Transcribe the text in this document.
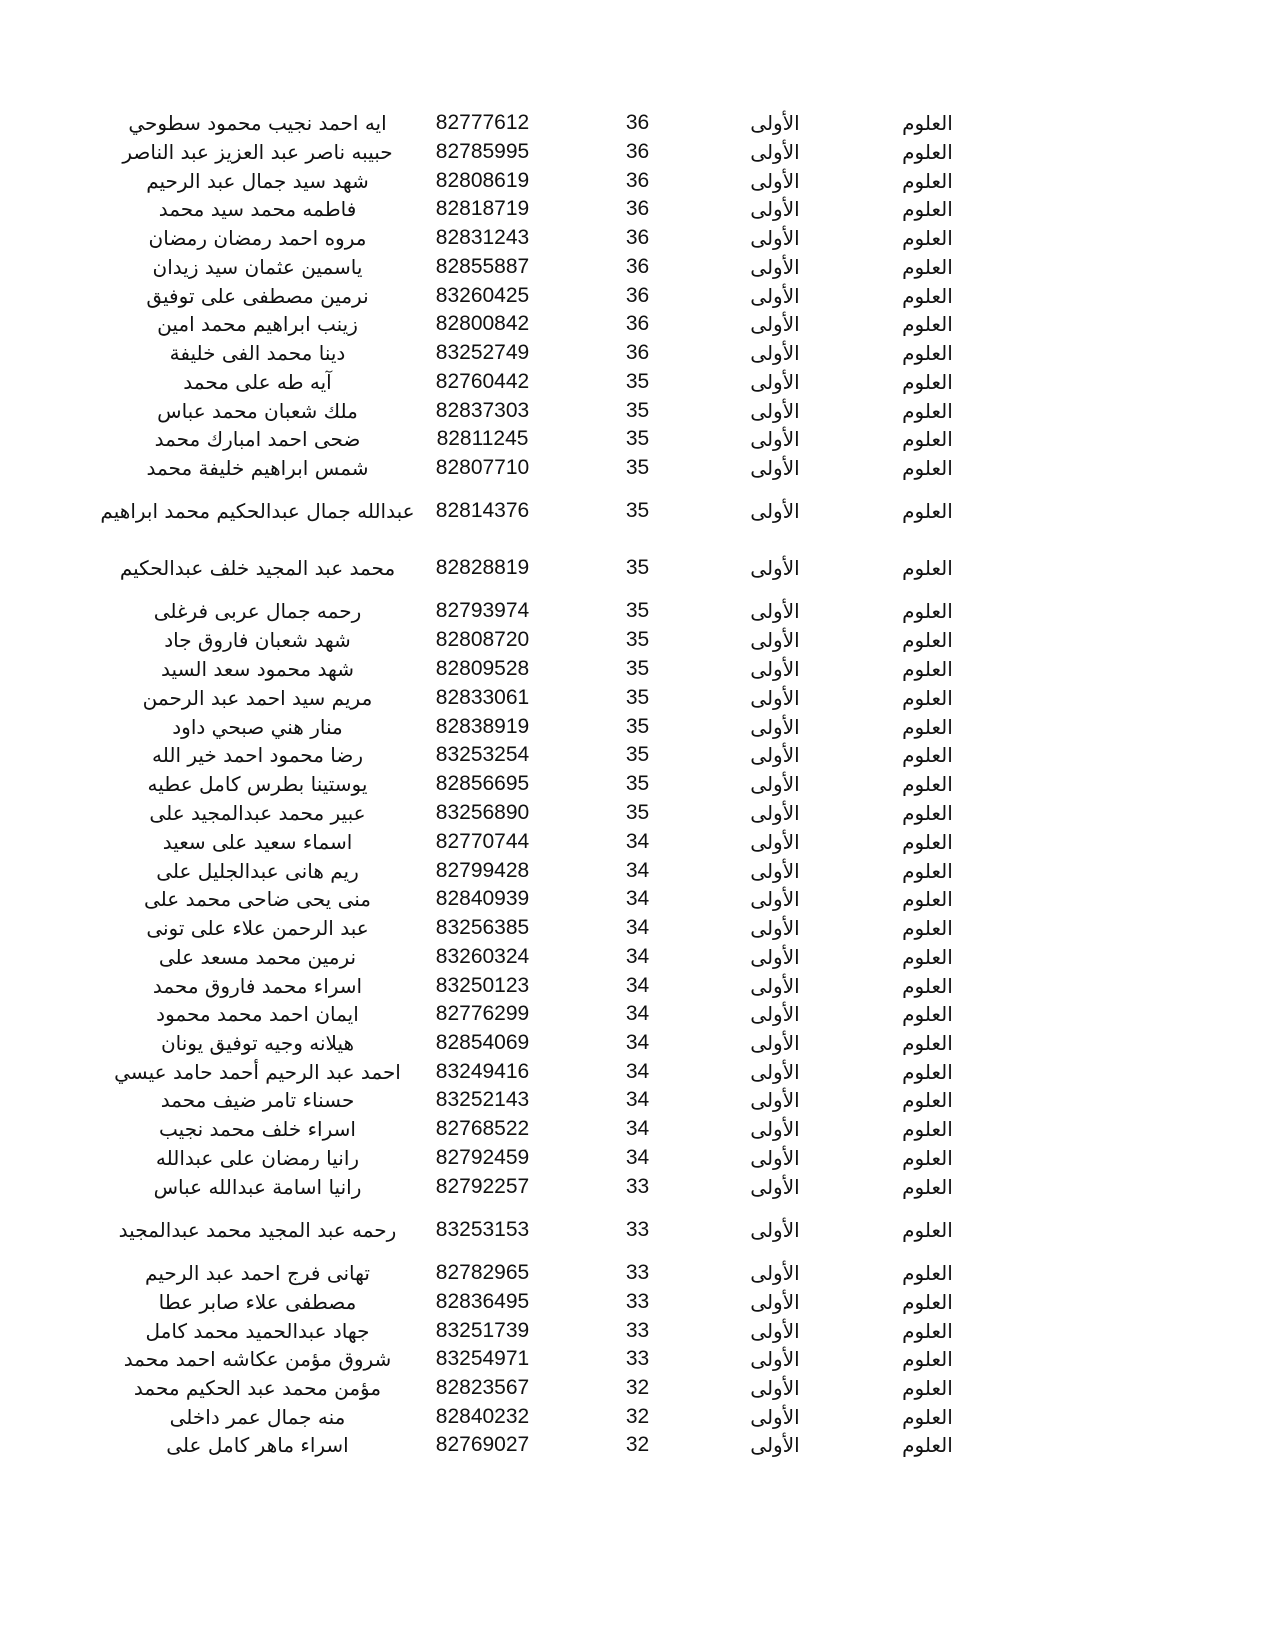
ايه احمد نجيب محمود سطوحي	82777612	36	الأولى	العلوم
حبيبه ناصر عبد العزيز عبد الناصر	82785995	36	الأولى	العلوم
شهد سيد جمال عبد الرحيم	82808619	36	الأولى	العلوم
فاطمه محمد سيد محمد	82818719	36	الأولى	العلوم
مروه احمد رمضان رمضان	82831243	36	الأولى	العلوم
ياسمين عثمان سيد زيدان	82855887	36	الأولى	العلوم
نرمين مصطفى على توفيق	83260425	36	الأولى	العلوم
زينب ابراهيم محمد امين	82800842	36	الأولى	العلوم
دينا محمد الفى خليفة	83252749	36	الأولى	العلوم
آيه طه على محمد	82760442	35	الأولى	العلوم
ملك شعبان محمد عباس	82837303	35	الأولى	العلوم
ضحى احمد امبارك محمد	82811245	35	الأولى	العلوم
شمس ابراهيم خليفة محمد	82807710	35	الأولى	العلوم
عبدالله جمال عبدالحكيم محمد ابراهيم	82814376	35	الأولى	العلوم
محمد عبد المجيد خلف عبدالحكيم	82828819	35	الأولى	العلوم
رحمه جمال عربى فرغلى	82793974	35	الأولى	العلوم
شهد شعبان فاروق جاد	82808720	35	الأولى	العلوم
شهد محمود سعد السيد	82809528	35	الأولى	العلوم
مريم سيد احمد عبد الرحمن	82833061	35	الأولى	العلوم
منار هني صبحي داود	82838919	35	الأولى	العلوم
رضا محمود احمد خير الله	83253254	35	الأولى	العلوم
يوستينا بطرس كامل عطيه	82856695	35	الأولى	العلوم
عبير محمد عبدالمجيد على	83256890	35	الأولى	العلوم
اسماء سعيد على سعيد	82770744	34	الأولى	العلوم
ريم هانى عبدالجليل على	82799428	34	الأولى	العلوم
منى يحى ضاحى محمد على	82840939	34	الأولى	العلوم
عبد الرحمن علاء على تونى	83256385	34	الأولى	العلوم
نرمين محمد مسعد على	83260324	34	الأولى	العلوم
اسراء محمد فاروق محمد	83250123	34	الأولى	العلوم
ايمان احمد محمد محمود	82776299	34	الأولى	العلوم
هيلانه وجيه توفيق يونان	82854069	34	الأولى	العلوم
احمد عبد الرحيم أحمد حامد عيسي	83249416	34	الأولى	العلوم
حسناء تامر ضيف محمد	83252143	34	الأولى	العلوم
اسراء خلف محمد نجيب	82768522	34	الأولى	العلوم
رانيا رمضان على عبدالله	82792459	34	الأولى	العلوم
رانيا اسامة عبدالله عباس	82792257	33	الأولى	العلوم
رحمه عبد المجيد محمد عبدالمجيد	83253153	33	الأولى	العلوم
تهانى فرج احمد عبد الرحيم	82782965	33	الأولى	العلوم
مصطفى علاء صابر عطا	82836495	33	الأولى	العلوم
جهاد عبدالحميد محمد كامل	83251739	33	الأولى	العلوم
شروق مؤمن عكاشه احمد محمد	83254971	33	الأولى	العلوم
مؤمن محمد عبد الحكيم محمد	82823567	32	الأولى	العلوم
منه جمال عمر داخلى	82840232	32	الأولى	العلوم
اسراء ماهر كامل على	82769027	32	الأولى	العلوم
